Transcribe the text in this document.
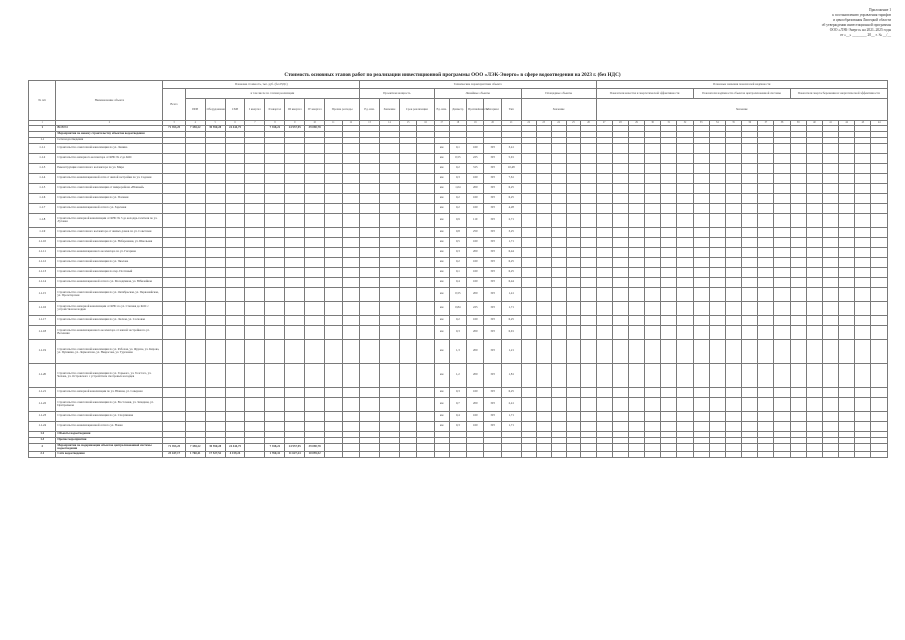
Приложение 1
к постановлению управления тарифов
и ценообразования Липецкой области
об утверждении инвестиционной программы
ООО «ЛЭК-Энерго» на 2021–2025 годы
от «__» ________ 20__ г. № __/__
Стоимость основных этапов работ по реализации инвестиционной программы ООО «ЛЭК-Энерго» в сфере водоотведения на 2023 г. (без НДС)
№ п/п	Наименование объекта	Плановая стоимость, тыс. руб. (без НДС)										Технические характеристики объекта														Плановые значения показателей надёжности																	
		Всего	в том числе по этапам реализации									Проектная мощность				Линейные объекты					Площадные объекты					Показатели качества и энергетической эффективности						Показатели надёжности объектов централизованной системы						Показатели энергосбережения и энергетической эффективности					
			ПИР	Оборудование	СМР	I квартал	II квартал	III квартал	IV квартал	Прочие расходы		Ед. изм.	Значение	Срок реализации		Ед. изм.	Диаметр	Протяжённость	Материал	Тип	Значение					Значение																	
1	2	3	4	5	6	7	8	9	10	11	12	13	14	15	16	17	18	19	20	21	22	23	24	25	26	27	28	29	30	31	32	33	34	35	36	37	38	39	40	41	42	43	44
1	ВСЕГО	71 393,25	7 358,22	39 590,28	24 444,75		7 358,22	24 957,95	39 090,78																																		
	Мероприятия по новому строительству объектов водоотведения																																										
1.1	Сети водоотведения																																										
1.1.1	Строительство самотечной канализации по ул. Ленина															км	0,1	160	ПЭ	3,41																							
1.1.2	Строительство напорного коллектора от КНС № 2 до КОС															км	0,55	225	ПЭ	5,91																							
1.1.3	Реконструкция самотечного коллектора по ул. Мира															км	0,2	315	ПЭ	10,48																							
1.1.4	Строительство канализационной сети от жилой застройки по ул. Садовая															км	0,3	160	ПЭ	7,61																							
1.1.5	Строительство самотечной канализации от микрорайона «Южный»															км	1,04	200	ПЭ	6,25																							
1.1.6	Строительство самотечной канализации по ул. Полевая															км	0,2	160	ПЭ	6,25																							
1.1.7	Строительство канализационной сети по ул. Заречная															км	0,2	160	ПЭ	4,28																							
1.1.8	Строительство напорной канализации от КНС № 5 до колодца-гасителя по ул. Луговая															км	0,9	110	ПЭ	2,71																							
1.1.9	Строительство самотечного коллектора от жилых домов по ул. Советская															км	0,8	250	ПЭ	3,25																							
1.1.10	Строительство самотечной канализации по ул. Набережная, ул. Школьная															км	0,5	160	ПЭ	1,71																							
1.1.11	Строительство канализационного коллектора по ул. Гагарина															км	0,3	200	ПЭ	6,44																							
1.1.12	Строительство самотечной канализации по ул. Чкалова															км	0,2	160	ПЭ	6,25																							
1.1.13	Строительство самотечной канализации по пер. Почтовый															км	0,1	160	ПЭ	6,25																							
1.1.14	Строительство канализационной сети по ул. Молодёжная, ул. Юбилейная															км	0,4	160	ПЭ	6,44																							
1.1.15	Строительство самотечной канализации по ул. Октябрьская, ул. Первомайская, ул. Пролетарская															км	0,55	200	ПЭ	1,41																							
1.1.16	Строительство напорной канализации от КНС по ул. Степная до КОС с устройством колодцев															км	0,84	225	ПЭ	1,71																							
1.1.17	Строительство самотечной канализации по ул. Лесная, ул. Сосновая															км	0,2	160	ПЭ	6,25																							
1.1.18	Строительство канализационного коллектора от жилой застройки по ул. Весенняя															км	0,3	200	ПЭ	6,91																							
1.1.19	Строительство самотечной канализации по ул. Рабочая, ул. Фрунзе, ул. Кирова, ул. Пушкина, ул. Лермонтова, ул. Некрасова, ул. Тургенева															км	1,3	200	ПЭ	1,21																							
1.1.20	Строительство самотечной канализации по ул. Горького, ул. Толстого, ул. Чехова, ул. Островского с устройством смотровых колодцев															км	1,2	200	ПЭ	1,81																							
1.1.21	Строительство напорной канализации по ул. Южная, ул. Северная															км	0,3	160	ПЭ	6,25																							
1.1.22	Строительство самотечной канализации по ул. Восточная, ул. Западная, ул. Центральная															км	0,7	200	ПЭ	2,41																							
1.1.23	Строительство самотечной канализации по ул. Спортивная															км	0,4	160	ПЭ	1,71																							
1.1.24	Строительство канализационной сети по ул. Новая															км	0,3	160	ПЭ	1,71																							
1.2	Объекты водоотведения																																										
1.3	Прочие мероприятия																																										
2	Мероприятия по модернизации объектов централизованной системы водоотведения	71 393,25	7 358,22	39 590,28	24 444,75		7 358,22	24 957,95	39 090,78																																		
2.1	Сети водоотведения	23 447,17	1 760,41	17 527,52	4 159,24		1 760,41	11 627,24	10 059,52																																		
